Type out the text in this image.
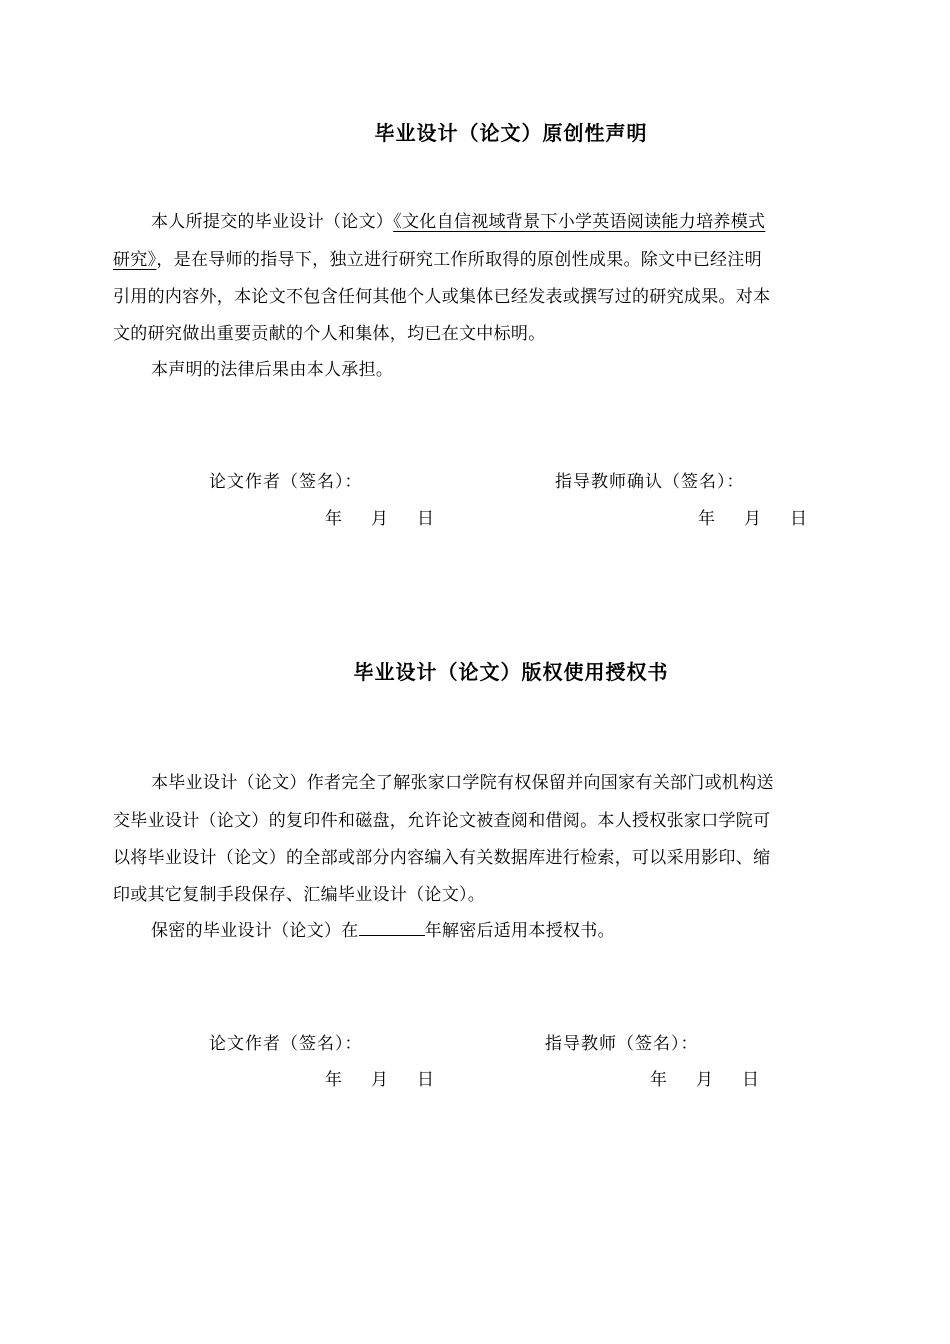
毕业设计（论文）原创性声明
本人所提交的毕业设计（论文）《文化自信视域背景下小学英语阅读能力培养模式
研究》，是在导师的指导下，独立进行研究工作所取得的原创性成果。除文中已经注明
引用的内容外，本论文不包含任何其他个人或集体已经发表或撰写过的研究成果。对本
文的研究做出重要贡献的个人和集体，均已在文中标明。
本声明的法律后果由本人承担。
论文作者（签名）：	指导教师确认（签名）：
年 月 日	年 月 日
毕业设计（论文）版权使用授权书
本毕业设计（论文）作者完全了解张家口学院有权保留并向国家有关部门或机构送
交毕业设计（论文）的复印件和磁盘，允许论文被查阅和借阅。本人授权张家口学院可
以将毕业设计（论文）的全部或部分内容编入有关数据库进行检索，可以采用影印、缩
印或其它复制手段保存、汇编毕业设计（论文）。
保密的毕业设计（论文）在	年解密后适用本授权书。
论文作者（签名）：	指导教师（签名）：
年 月 日	年 月 日
